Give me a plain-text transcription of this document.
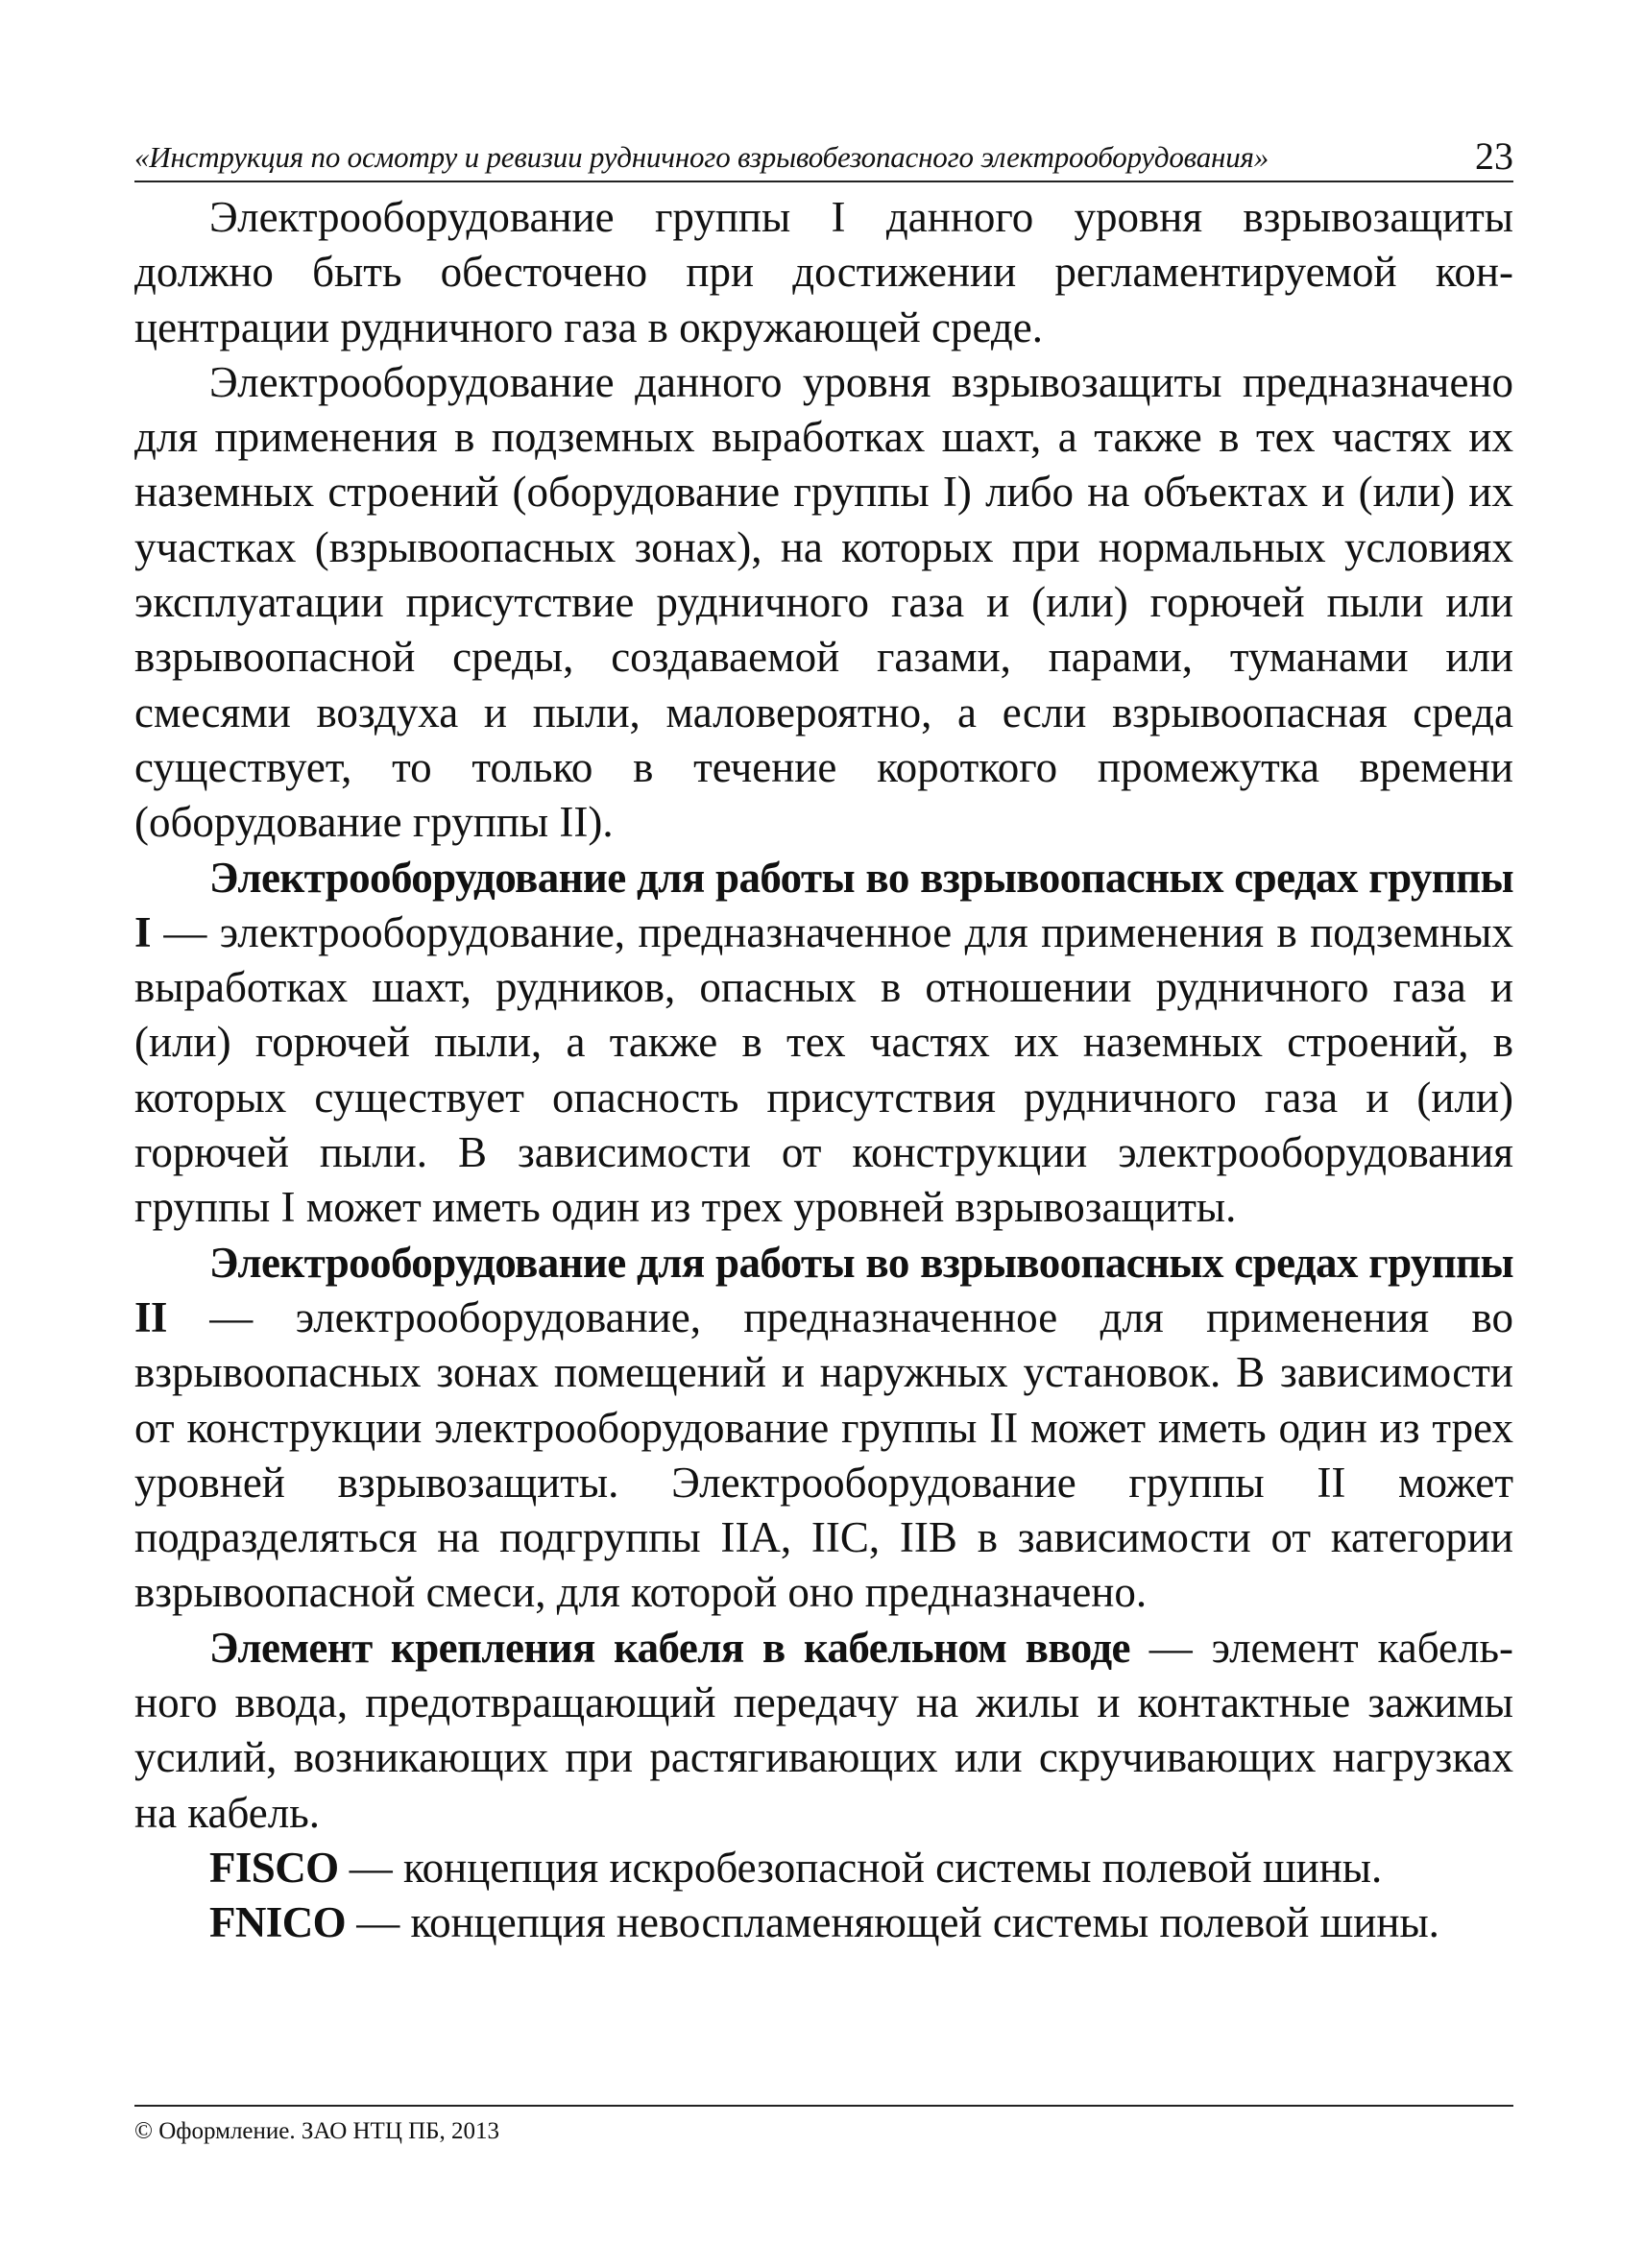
«Инструкция по осмотру и ревизии рудничного взрывобезопасного электрооборудования»	23

Электрооборудование группы I данного уровня взрывозащиты должно быть обесточено при достижении регламентируемой концентрации рудничного газа в окружающей среде.

Электрооборудование данного уровня взрывозащиты предназначено для применения в подземных выработках шахт, а также в тех частях их наземных строений (оборудование группы I) либо на объектах и (или) их участках (взрывоопасных зонах), на которых при нормальных условиях эксплуатации присутствие рудничного газа и (или) горючей пыли или взрывоопасной среды, создаваемой газами, парами, туманами или смесями воздуха и пыли, маловероятно, а если взрывоопасная среда существует, то только в течение короткого промежутка времени (оборудование группы II).

Электрооборудование для работы во взрывоопасных средах группы I — электрооборудование, предназначенное для применения в подземных выработках шахт, рудников, опасных в отношении рудничного газа и (или) горючей пыли, а также в тех частях их наземных строений, в которых существует опасность присутствия рудничного газа и (или) горючей пыли. В зависимости от конструкции электрооборудования группы I может иметь один из трех уровней взрывозащиты.

Электрооборудование для работы во взрывоопасных средах группы II — электрооборудование, предназначенное для применения во взрывоопасных зонах помещений и наружных установок. В зависимости от конструкции электрооборудование группы II может иметь один из трех уровней взрывозащиты. Электрооборудование группы II может подразделяться на подгруппы IIA, IIC, IIB в зависимости от категории взрывоопасной смеси, для которой оно предназначено.

Элемент крепления кабеля в кабельном вводе — элемент кабельного ввода, предотвращающий передачу на жилы и контактные зажимы усилий, возникающих при растягивающих или скручивающих нагрузках на кабель.

FISCO — концепция искробезопасной системы полевой шины.

FNICO — концепция невоспламеняющей системы полевой шины.

© Оформление. ЗАО НТЦ ПБ, 2013
